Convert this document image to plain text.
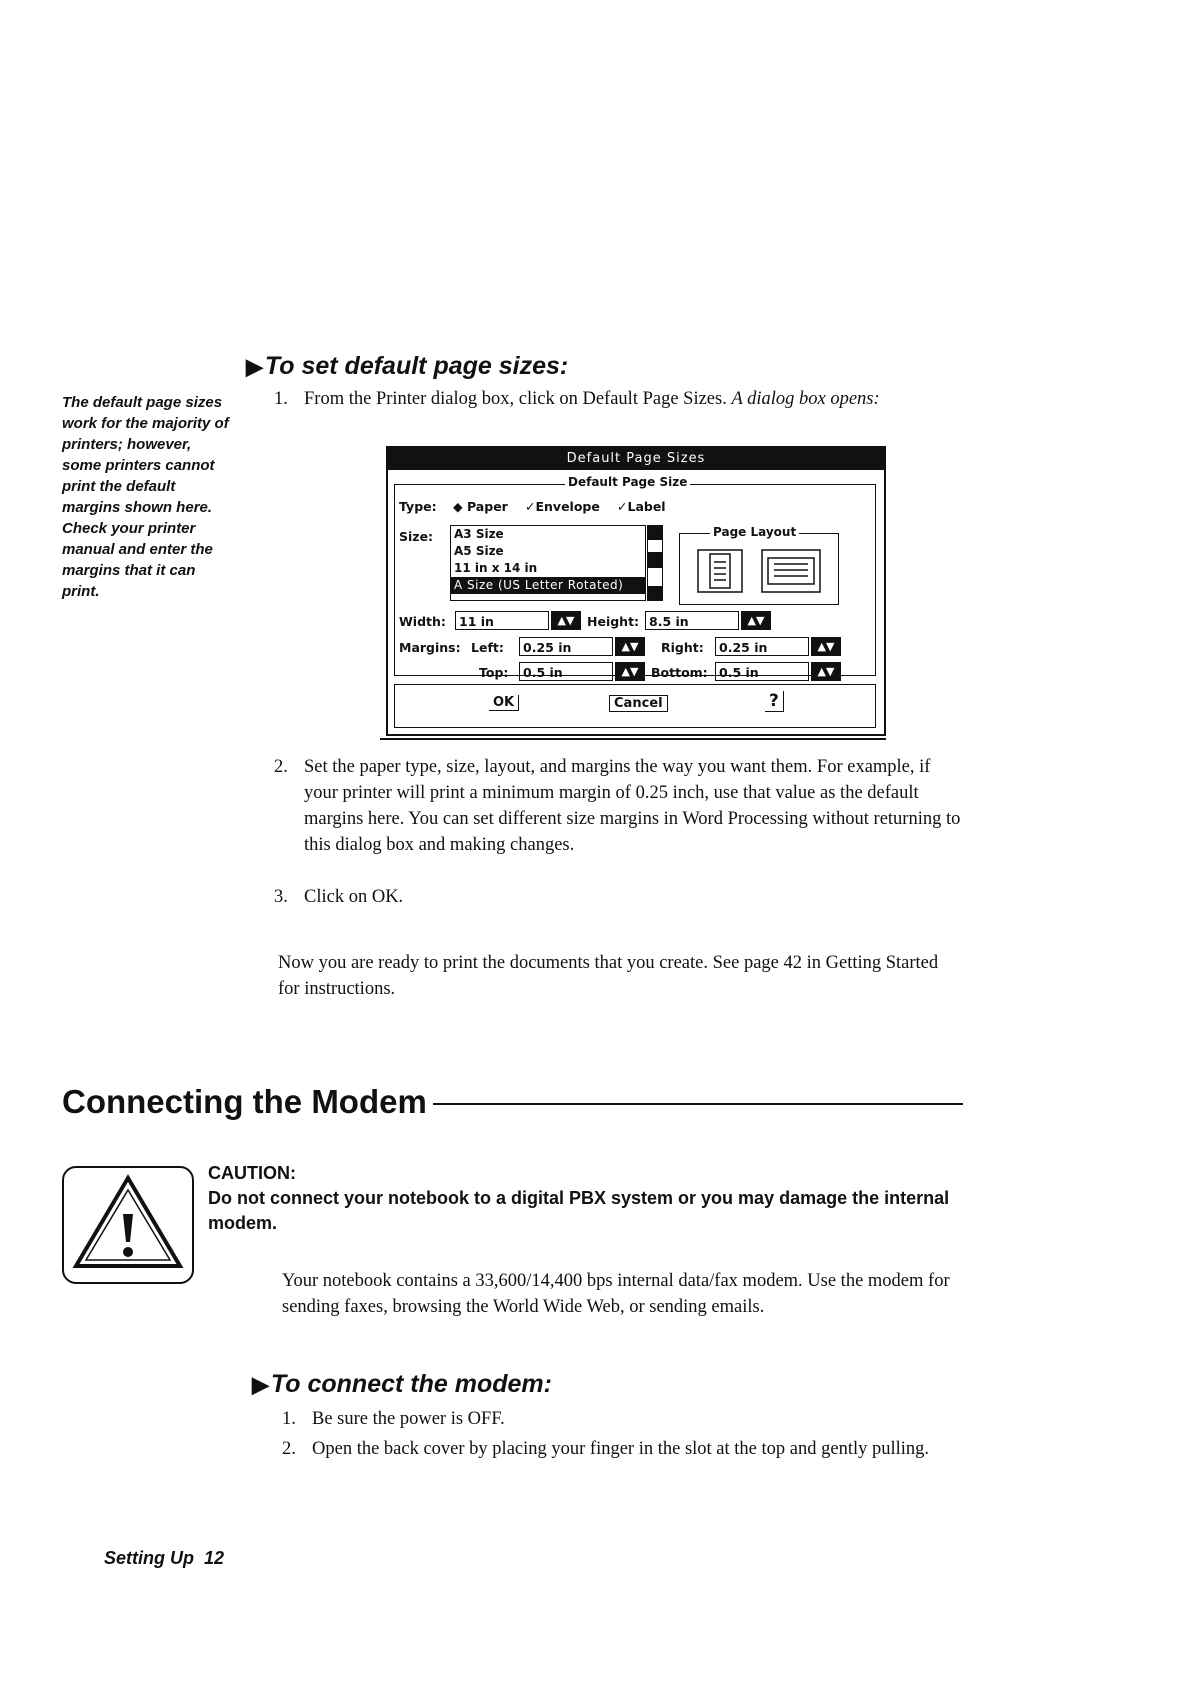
The default page sizes
work for the majority of
printers; however,
some printers cannot
print the default
margins shown here.
Check your printer
manual and enter the
margins that it can
print.
▶To set default page sizes:
1. From the Printer dialog box, click on Default Page Sizes. A dialog box opens:
Default Page Sizes
Default Page Size
Type: ◆ Paper ✓Envelope ✓Label
Size: A3 Size
A5 Size
11 in x 14 in
A Size (US Letter Rotated)
Page Layout
Width:	11 in	▲▼	Height: 8.5 in	▲▼
Margins: Left:	0.25 in	▲▼	Right:	0.25 in	▲▼
Top:	0.5 in	▲▼	Bottom: 0.5 in	▲▼
OK	Cancel	?
2. Set the paper type, size, layout, and margins the way you want them. For example, if your printer will print a minimum margin of 0.25 inch, use that value as the default margins here. You can set different size margins in Word Processing without returning to this dialog box and making changes.
3. Click on OK.
Now you are ready to print the documents that you create. See page 42 in Getting Started for instructions.
Connecting the Modem
CAUTION:
Do not connect your notebook to a digital PBX system or you may damage the internal modem.
Your notebook contains a 33,600/14,400 bps internal data/fax modem. Use the modem for sending faxes, browsing the World Wide Web, or sending emails.
▶To connect the modem:
1. Be sure the power is OFF.
2. Open the back cover by placing your finger in the slot at the top and gently pulling.
Setting Up 12
